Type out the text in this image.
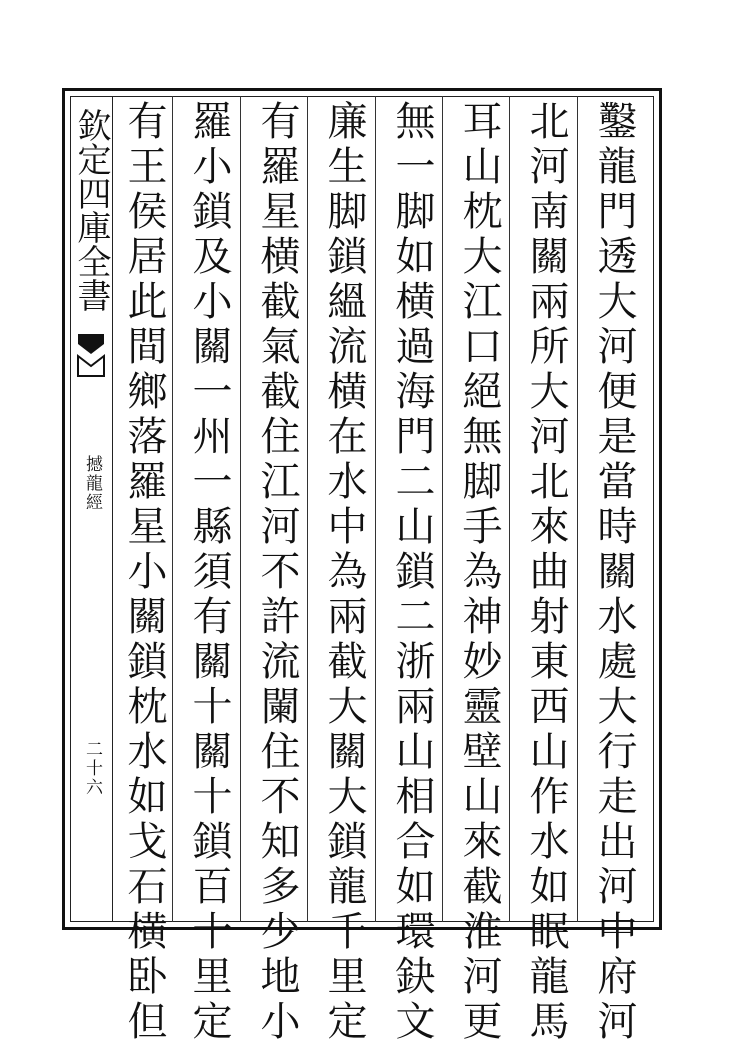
欽定四庫全書
撼龍經
二十六	鑿龍門透大河便是當時關水處大行走出河中府河
北河南關兩所大河北來曲射東西山作水如眠龍馬
耳山枕大江口絕無脚手為神妙靈壁山來截淮河更
無一脚如横過海門二山鎖二浙兩山相合如環鈌文
廉生脚鎖縕流横在水中為兩截大關大鎖龍千里定
有羅星横截氣截住江河不許流闌住不知多少地小
羅小鎖及小關一州一縣須有關十關十鎖百十里定
有王侯居此間鄉落羅星小關鎖枕水如戈石横卧但
